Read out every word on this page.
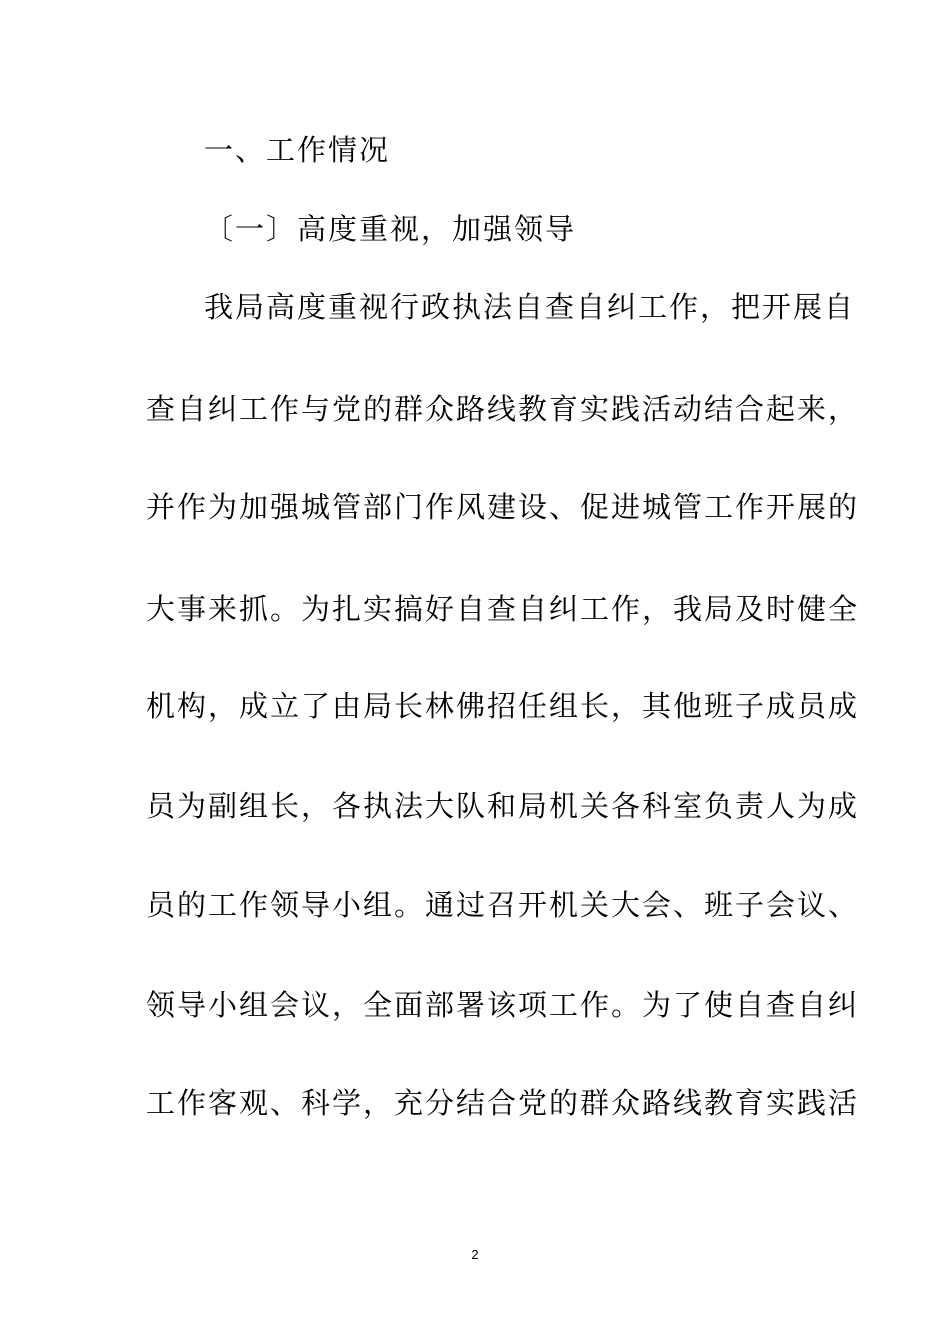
一、工作情况
〔一〕高度重视，加强领导
我局高度重视行政执法自查自纠工作，把开展自
查自纠工作与党的群众路线教育实践活动结合起来，
并作为加强城管部门作风建设、促进城管工作开展的
大事来抓。为扎实搞好自查自纠工作，我局及时健全
机构，成立了由局长林佛招任组长，其他班子成员成
员为副组长，各执法大队和局机关各科室负责人为成
员的工作领导小组。通过召开机关大会、班子会议、
领导小组会议，全面部署该项工作。为了使自查自纠
工作客观、科学，充分结合党的群众路线教育实践活
2
